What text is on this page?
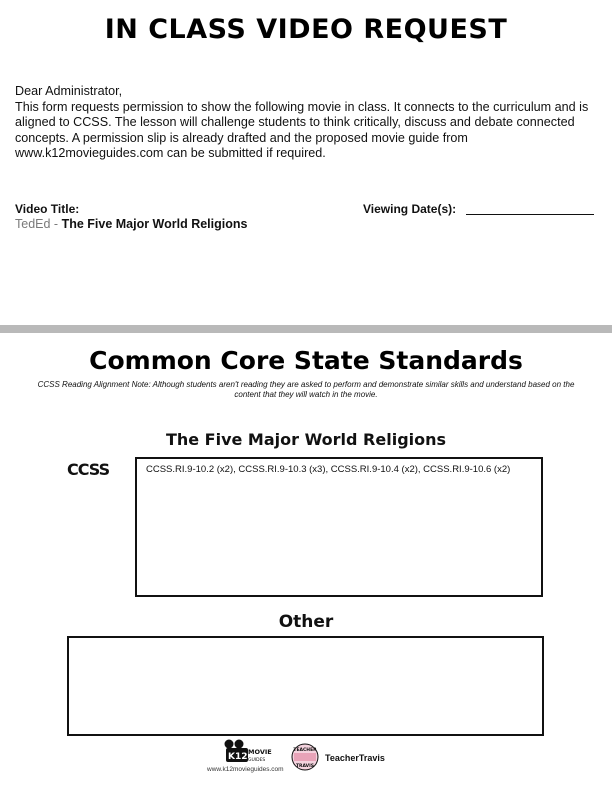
IN CLASS VIDEO REQUEST

Dear Administrator,

This form requests permission to show the following movie in class. It connects to the curriculum and is aligned to CCSS. The lesson will challenge students to think critically, discuss and debate connected concepts. A permission slip is already drafted and the proposed movie guide from www.k12movieguides.com can be submitted if required.

Video Title:
TedEd - The Five Major World Religions
Viewing Date(s):
Common Core State Standards
CCSS Reading Alignment Note: Although students aren't reading they are asked to perform and demonstrate similar skills and understand based on the content that they will watch in the movie.
The Five Major World Religions
CCSS	CCSS.RI.9-10.2 (x2), CCSS.RI.9-10.3 (x3), CCSS.RI.9-10.4 (x2), CCSS.RI.9-10.6 (x2)
Other
K12 MOVIE
GUIDES
www.k12movieguides.com
TEACHER
TRAVIS
TeacherTravis
